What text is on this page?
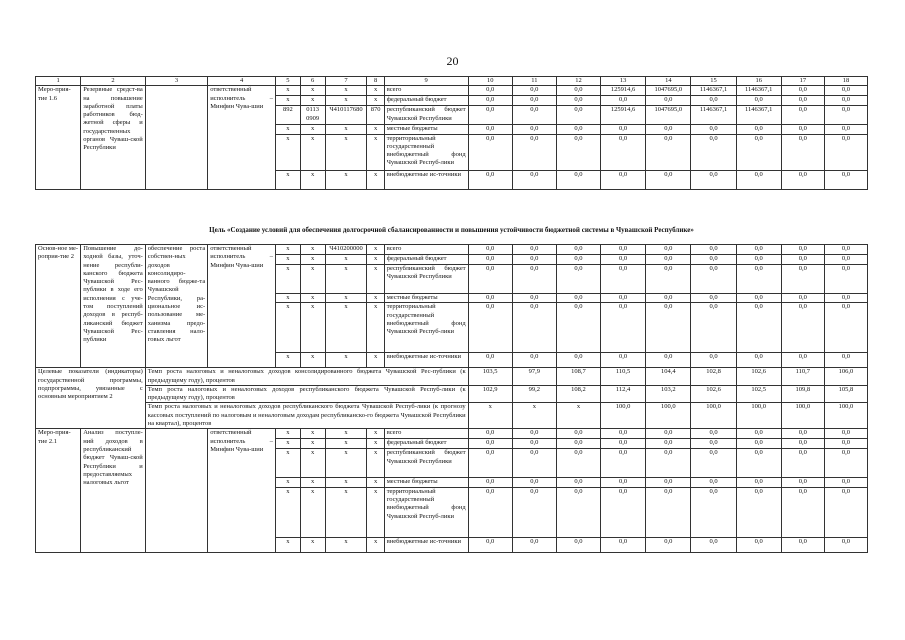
20
1	2	3	4	5	6	7	8	9	10	11	12	13	14	15	16	17	18
Меро-прия-тие 1.6	Резервные средст-ва на повышение заработной платы работников бюд-жетной сферы и государственных органов Чуваш-ской Республики		ответственный исполнитель – Минфин Чува-шии	x	x	x	x	всего	0,0	0,0	0,0	125914,6	1047695,0	1146367,1	1146367,1	0,0	0,0
				x	x	x	x	федеральный бюджет	0,0	0,0	0,0	0,0	0,0	0,0	0,0	0,0	0,0
				892	0113 0909	Ч410117680	870	республиканский бюджет Чувашской Республики	0,0	0,0	0,0	125914,6	1047695,0	1146367,1	1146367,1	0,0	0,0
				x	x	x	x	местные бюджеты	0,0	0,0	0,0	0,0	0,0	0,0	0,0	0,0	0,0
				x	x	x	x	территориальный государственный внебюджетный фонд Чувашской Респуб-лики	0,0	0,0	0,0	0,0	0,0	0,0	0,0	0,0	0,0
				x	x	x	x	внебюджетные ис-точники	0,0	0,0	0,0	0,0	0,0	0,0	0,0	0,0	0,0
Цель «Создание условий для обеспечения долгосрочной сбалансированности и повышения устойчивости бюджетной системы в Чувашской Республике»
Основ-ное ме-роприя-тие 2	Повышение до-ходной базы, уточ-нение республи-канского бюджета Чувашской Рес-публики в ходе его исполнения с уче-том поступлений доходов в респуб-ликанский бюджет Чувашской Рес-публики	обеспечение роста собствен-ных доходов консолидиро-ванного бюдже-та Чувашской Республики, ра-циональное ис-пользование ме-ханизма предо-ставления нало-говых льгот	ответственный исполнитель – Минфин Чува-шии	x	x	Ч410200000	x	всего	0,0	0,0	0,0	0,0	0,0	0,0	0,0	0,0	0,0
				x	x	x	x	федеральный бюджет	0,0	0,0	0,0	0,0	0,0	0,0	0,0	0,0	0,0
				x	x	x	x	республиканский бюджет Чувашской Республики	0,0	0,0	0,0	0,0	0,0	0,0	0,0	0,0	0,0
				x	x	x	x	местные бюджеты	0,0	0,0	0,0	0,0	0,0	0,0	0,0	0,0	0,0
				x	x	x	x	территориальный государственный внебюджетный фонд Чувашской Респуб-лики	0,0	0,0	0,0	0,0	0,0	0,0	0,0	0,0	0,0
				x	x	x	x	внебюджетные ис-точники	0,0	0,0	0,0	0,0	0,0	0,0	0,0	0,0	0,0
Целевые показатели (индикаторы) государственной программы, подпрограммы, увязанные с основным мероприятием 2		Темп роста налоговых и неналоговых доходов консолидированного бюджета Чувашской Рес-публики (к предыдущему году), процентов							103,5	97,9	108,7	110,5	104,4	102,8	102,6	110,7	106,0
		Темп роста налоговых и неналоговых доходов республиканского бюджета Чувашской Респуб-лики (к предыдущему году), процентов							102,9	99,2	108,2	112,4	103,2	102,6	102,5	109,8	105,8
		Темп роста налоговых и неналоговых доходов республиканского бюджета Чувашской Респуб-лики (к прогнозу кассовых поступлений по налоговым и неналоговым доходам республиканско-го бюджета Чувашской Республики на квартал), процентов							x	x	x	100,0	100,0	100,0	100,0	100,0	100,0
Меро-прия-тие 2.1	Анализ поступле-ний доходов в республиканский бюджет Чуваш-ской Республики и предоставляемых налоговых льгот		ответственный исполнитель – Минфин Чува-шии	x	x	x	x	всего	0,0	0,0	0,0	0,0	0,0	0,0	0,0	0,0	0,0
				x	x	x	x	федеральный бюджет	0,0	0,0	0,0	0,0	0,0	0,0	0,0	0,0	0,0
				x	x	x	x	республиканский бюджет Чувашской Республики	0,0	0,0	0,0	0,0	0,0	0,0	0,0	0,0	0,0
				x	x	x	x	местные бюджеты	0,0	0,0	0,0	0,0	0,0	0,0	0,0	0,0	0,0
				x	x	x	x	территориальный государственный внебюджетный фонд Чувашской Респуб-лики	0,0	0,0	0,0	0,0	0,0	0,0	0,0	0,0	0,0
				x	x	x	x	внебюджетные ис-точники	0,0	0,0	0,0	0,0	0,0	0,0	0,0	0,0	0,0
